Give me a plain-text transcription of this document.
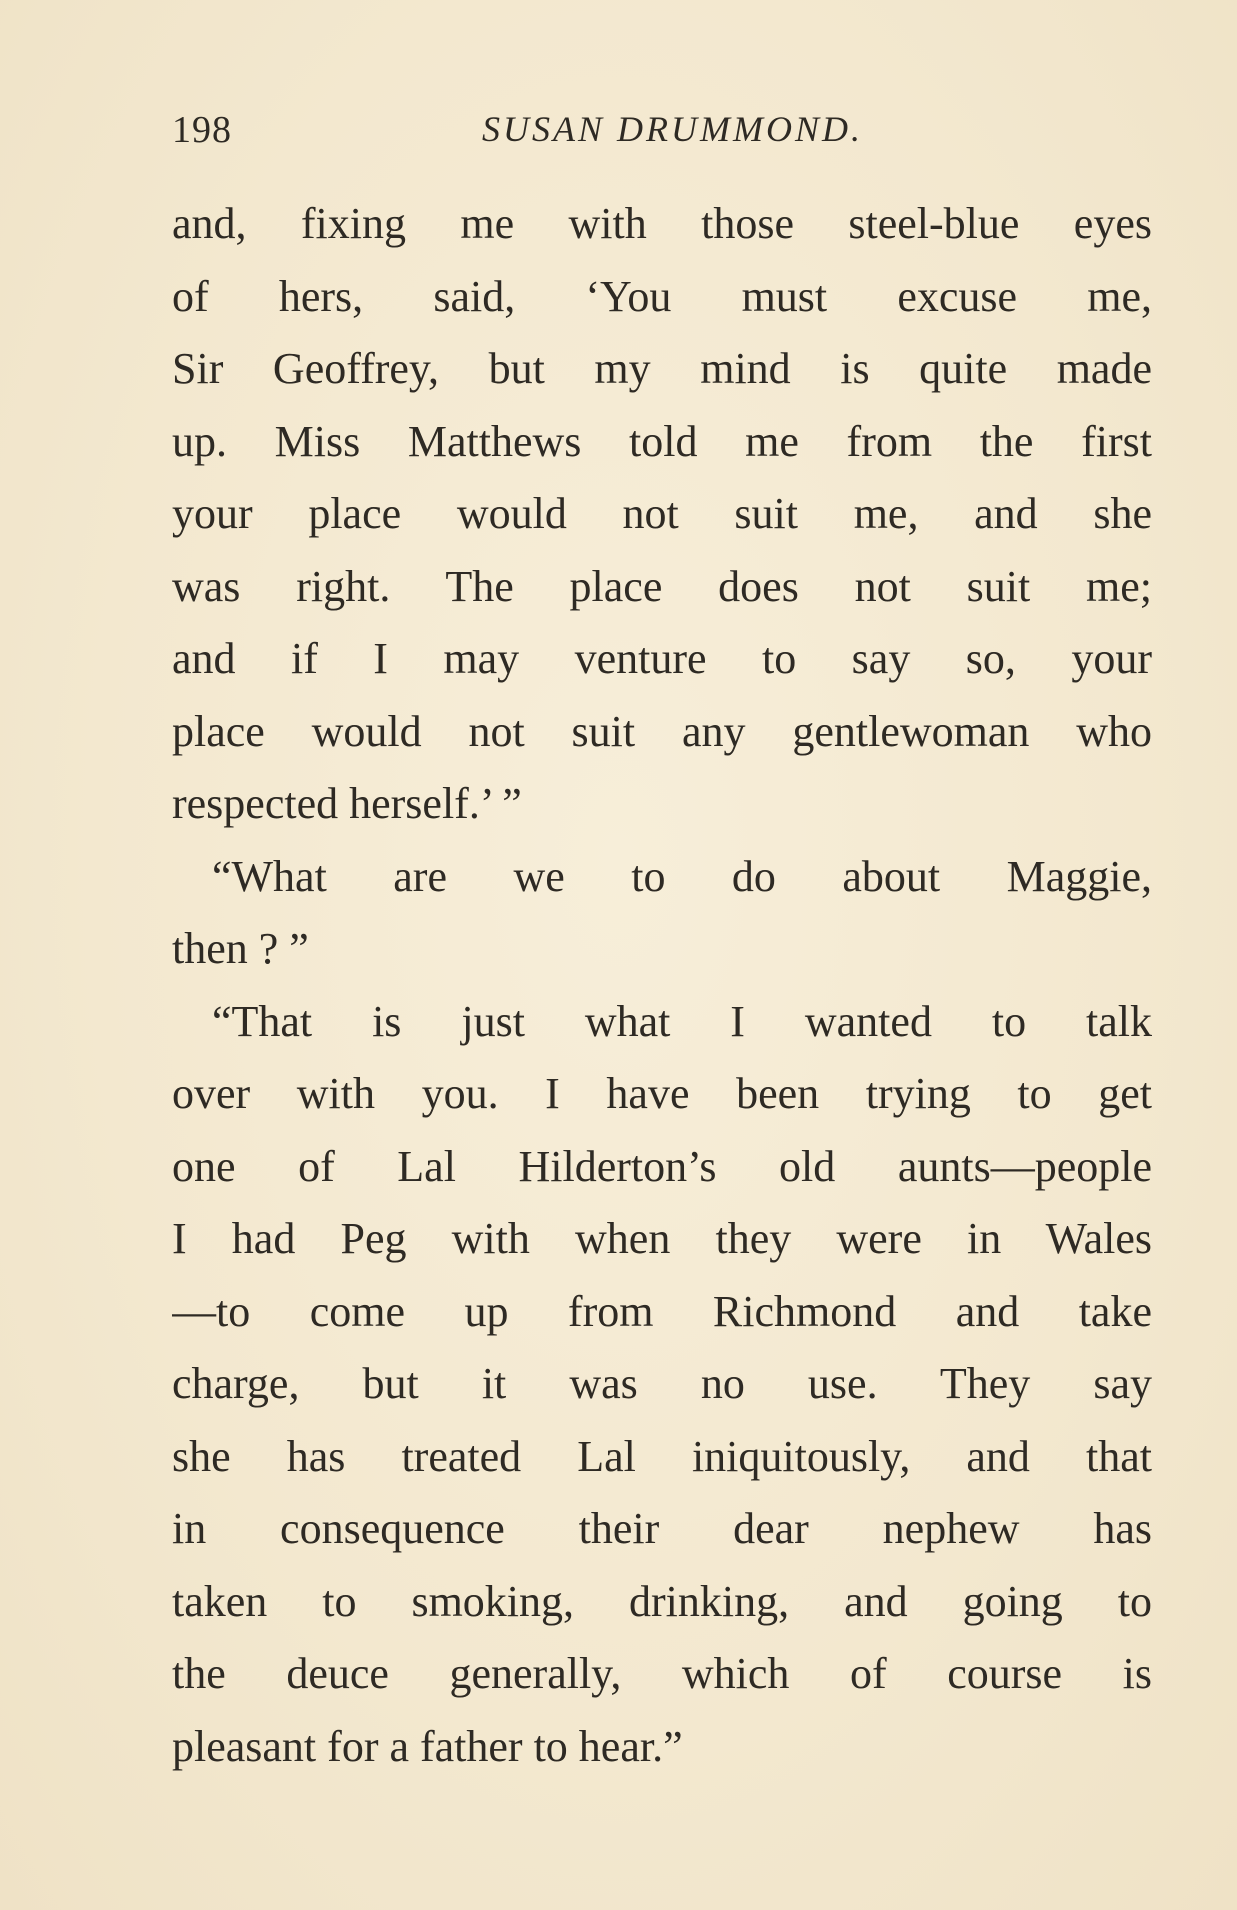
198	SUSAN DRUMMOND.
and, fixing me with those steel-blue eyes
of hers, said, ‘You must excuse me,
Sir Geoffrey, but my mind is quite made
up. Miss Matthews told me from the first
your place would not suit me, and she
was right. The place does not suit me;
and if I may venture to say so, your
place would not suit any gentlewoman who
respected herself.’ ”
“What are we to do about Maggie,
then ? ”
“That is just what I wanted to talk
over with you. I have been trying to get
one of Lal Hilderton’s old aunts—people
I had Peg with when they were in Wales
—to come up from Richmond and take
charge, but it was no use. They say
she has treated Lal iniquitously, and that
in consequence their dear nephew has
taken to smoking, drinking, and going to
the deuce generally, which of course is
pleasant for a father to hear.”
